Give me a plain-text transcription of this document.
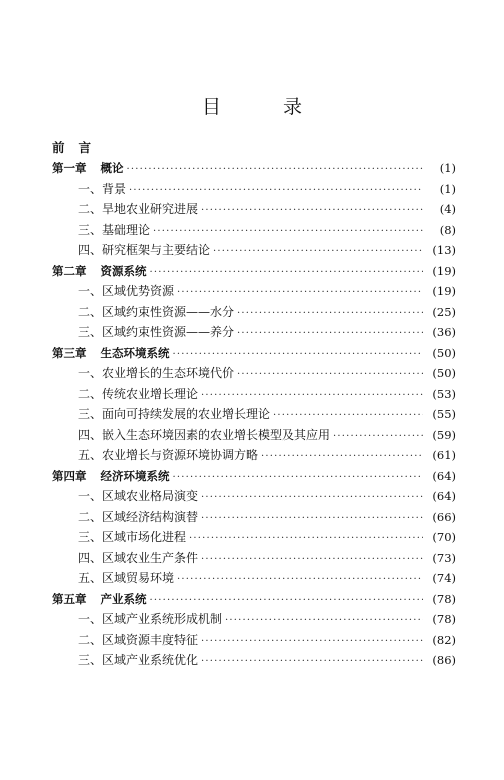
目 录
前言
第一章 概论 ·····	(1)
一、背景 ·····	(1)
二、旱地农业研究进展 ·····	(4)
三、基础理论 ·····	(8)
四、研究框架与主要结论 ·····	(13)
第二章 资源系统 ·····	(19)
一、区域优势资源 ·····	(19)
二、区域约束性资源——水分 ·····	(25)
三、区域约束性资源——养分 ·····	(36)
第三章 生态环境系统 ·····	(50)
一、农业增长的生态环境代价 ·····	(50)
二、传统农业增长理论 ·····	(53)
三、面向可持续发展的农业增长理论 ·····	(55)
四、嵌入生态环境因素的农业增长模型及其应用 ·····	(59)
五、农业增长与资源环境协调方略 ·····	(61)
第四章 经济环境系统 ·····	(64)
一、区域农业格局演变 ·····	(64)
二、区域经济结构演替 ·····	(66)
三、区域市场化进程 ·····	(70)
四、区域农业生产条件 ·····	(73)
五、区域贸易环境 ·····	(74)
第五章 产业系统 ·····	(78)
一、区域产业系统形成机制 ·····	(78)
二、区域资源丰度特征 ·····	(82)
三、区域产业系统优化 ·····	(86)
